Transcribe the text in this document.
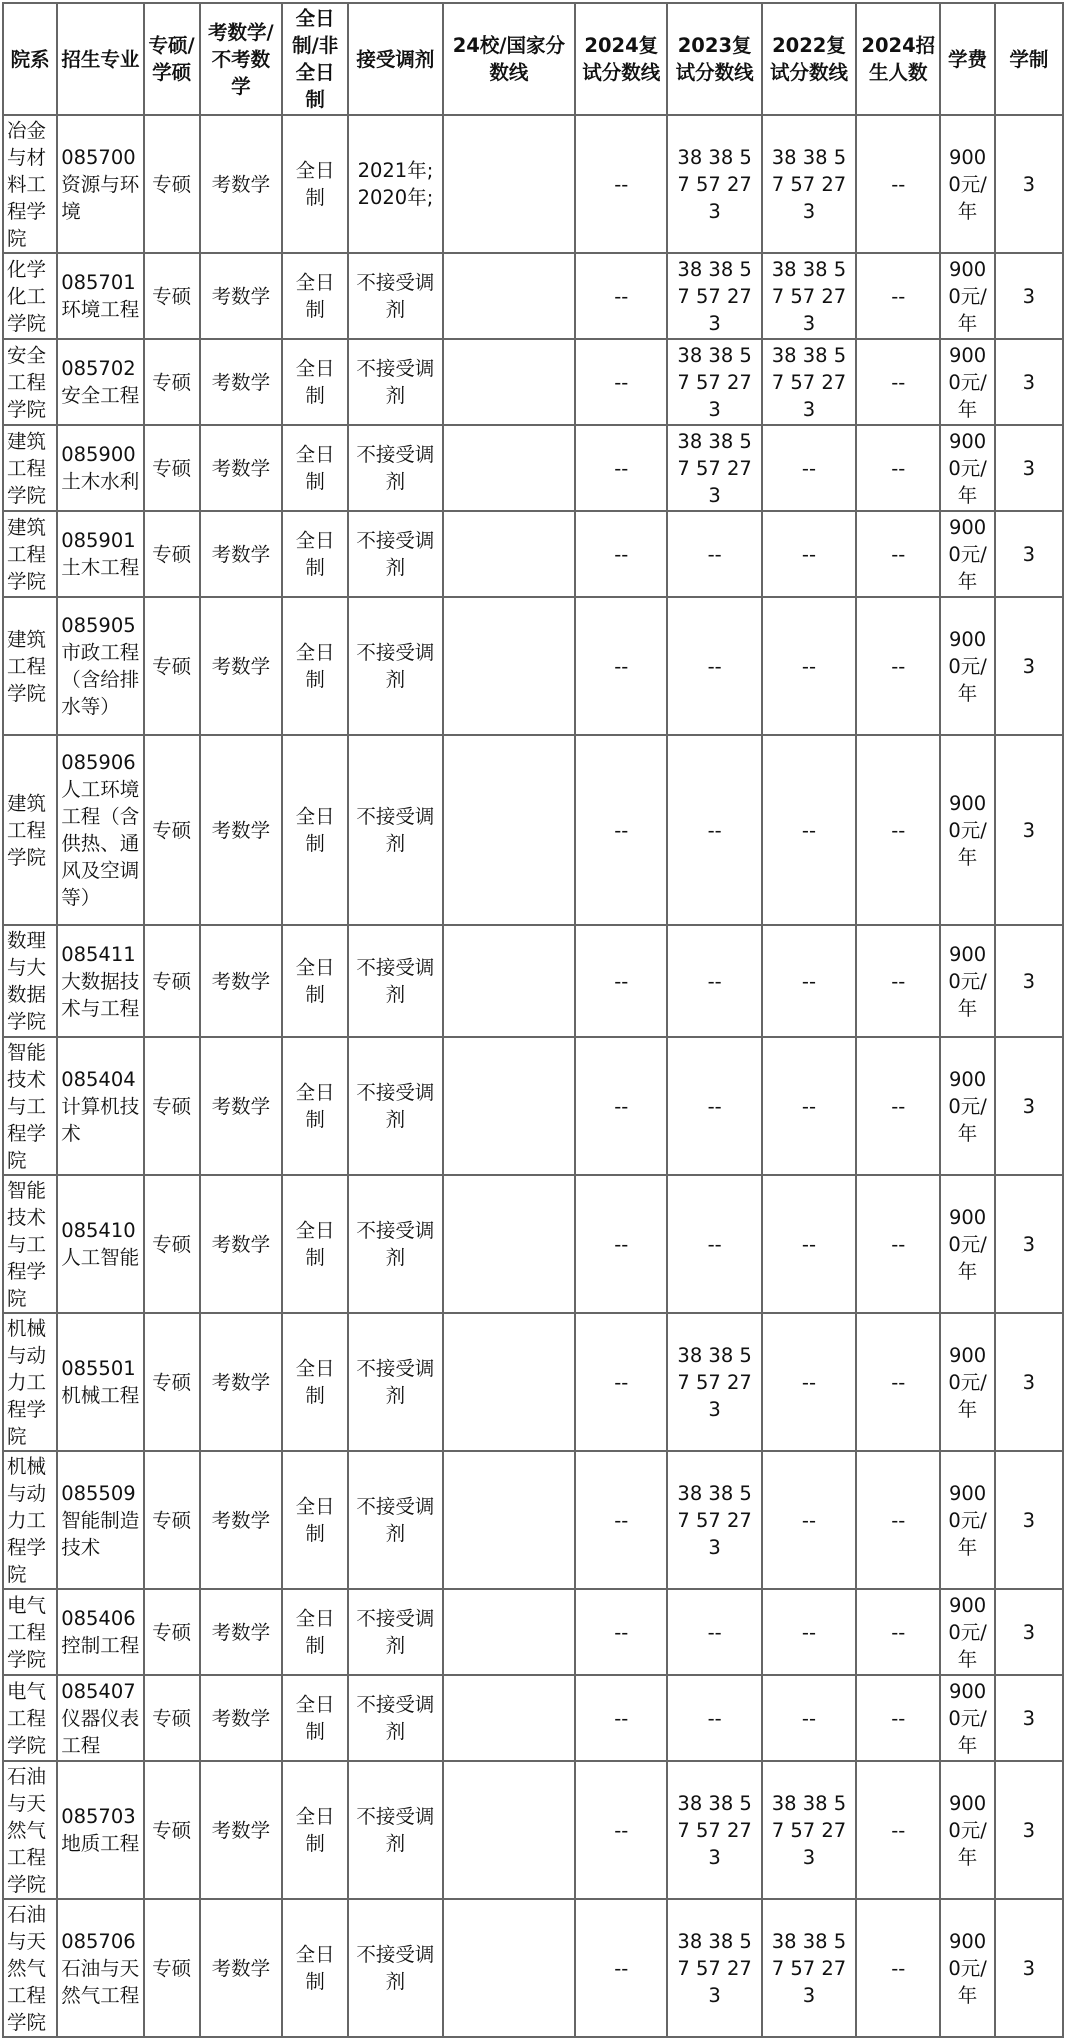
院系	招生专业	专硕/学硕	考数学/不考数学	全日制/非全日制	接受调剂	24校/国家分数线	2024复试分数线	2023复试分数线	2022复试分数线	2024招生人数	学费	学制
冶金与材料工程学院	085700资源与环境	专硕	考数学	全日制	2021年; 2020年;		--	38 38 57 57 273	38 38 57 57 273	--	9000元/年	3
化学化工学院	085701环境工程	专硕	考数学	全日制	不接受调剂		--	38 38 57 57 273	38 38 57 57 273	--	9000元/年	3
安全工程学院	085702安全工程	专硕	考数学	全日制	不接受调剂		--	38 38 57 57 273	38 38 57 57 273	--	9000元/年	3
建筑工程学院	085900土木水利	专硕	考数学	全日制	不接受调剂		--	38 38 57 57 273	--	--	9000元/年	3
建筑工程学院	085901土木工程	专硕	考数学	全日制	不接受调剂		--	--	--	--	9000元/年	3
建筑工程学院	085905市政工程（含给排水等）	专硕	考数学	全日制	不接受调剂		--	--	--	--	9000元/年	3
建筑工程学院	085906人工环境工程（含供热、通风及空调等）	专硕	考数学	全日制	不接受调剂		--	--	--	--	9000元/年	3
数理与大数据学院	085411大数据技术与工程	专硕	考数学	全日制	不接受调剂		--	--	--	--	9000元/年	3
智能技术与工程学院	085404计算机技术	专硕	考数学	全日制	不接受调剂		--	--	--	--	9000元/年	3
智能技术与工程学院	085410人工智能	专硕	考数学	全日制	不接受调剂		--	--	--	--	9000元/年	3
机械与动力工程学院	085501机械工程	专硕	考数学	全日制	不接受调剂		--	38 38 57 57 273	--	--	9000元/年	3
机械与动力工程学院	085509智能制造技术	专硕	考数学	全日制	不接受调剂		--	38 38 57 57 273	--	--	9000元/年	3
电气工程学院	085406控制工程	专硕	考数学	全日制	不接受调剂		--	--	--	--	9000元/年	3
电气工程学院	085407仪器仪表工程	专硕	考数学	全日制	不接受调剂		--	--	--	--	9000元/年	3
石油与天然气工程学院	085703地质工程	专硕	考数学	全日制	不接受调剂		--	38 38 57 57 273	38 38 57 57 273	--	9000元/年	3
石油与天然气工程学院	085706石油与天然气工程	专硕	考数学	全日制	不接受调剂		--	38 38 57 57 273	38 38 57 57 273	--	9000元/年	3
